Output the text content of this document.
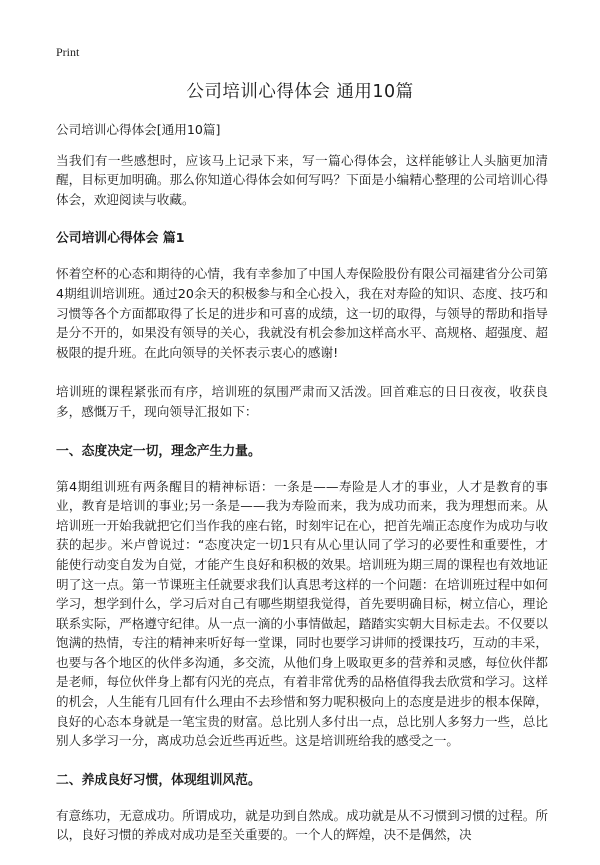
Print
公司培训心得体会 通用10篇

公司培训心得体会[通用10篇]

当我们有一些感想时，应该马上记录下来，写一篇心得体会，这样能够让人头脑更加清醒，目标更加明确。那么你知道心得体会如何写吗？下面是小编精心整理的公司培训心得体会，欢迎阅读与收藏。

公司培训心得体会 篇1

怀着空杯的心态和期待的心情，我有幸参加了中国人寿保险股份有限公司福建省分公司第4期组训培训班。通过20余天的积极参与和全心投入，我在对寿险的知识、态度、技巧和习惯等各个方面都取得了长足的进步和可喜的成绩，这一切的取得，与领导的帮助和指导是分不开的，如果没有领导的关心，我就没有机会参加这样高水平、高规格、超强度、超极限的提升班。在此向领导的关怀表示衷心的感谢!

培训班的课程紧张而有序，培训班的氛围严肃而又活泼。回首难忘的日日夜夜，收获良多，感慨万千，现向领导汇报如下：

一、态度决定一切，理念产生力量。

第4期组训班有两条醒目的精神标语：一条是——寿险是人才的事业，人才是教育的事业，教育是培训的事业;另一条是——我为寿险而来，我为成功而来，我为理想而来。从培训班一开始我就把它们当作我的座右铭，时刻牢记在心，把首先端正态度作为成功与收获的起步。米卢曾说过：“态度决定一切1只有从心里认同了学习的必要性和重要性，才能使行动变自发为自觉，才能产生良好和积极的效果。培训班为期三周的课程也有效地证明了这一点。第一节课班主任就要求我们认真思考这样的一个问题：在培训班过程中如何学习，想学到什么，学习后对自己有哪些期望我觉得，首先要明确目标，树立信心，理论联系实际，严格遵守纪律。从一点一滴的小事情做起，踏踏实实朝大目标走去。不仅要以饱满的热情，专注的精神来听好每一堂课，同时也要学习讲师的授课技巧，互动的丰采，也要与各个地区的伙伴多沟通，多交流，从他们身上吸取更多的营养和灵感，每位伙伴都是老师，每位伙伴身上都有闪光的亮点，有着非常优秀的品格值得我去欣赏和学习。这样的机会，人生能有几回有什么理由不去珍惜和努力呢积极向上的态度是进步的根本保障，良好的心态本身就是一笔宝贵的财富。总比别人多付出一点，总比别人多努力一些，总比别人多学习一分，离成功总会近些再近些。这是培训班给我的感受之一。

二、养成良好习惯，体现组训风范。

有意练功，无意成功。所谓成功，就是功到自然成。成功就是从不习惯到习惯的过程。所以，良好习惯的养成对成功是至关重要的。一个人的辉煌，决不是偶然，决
